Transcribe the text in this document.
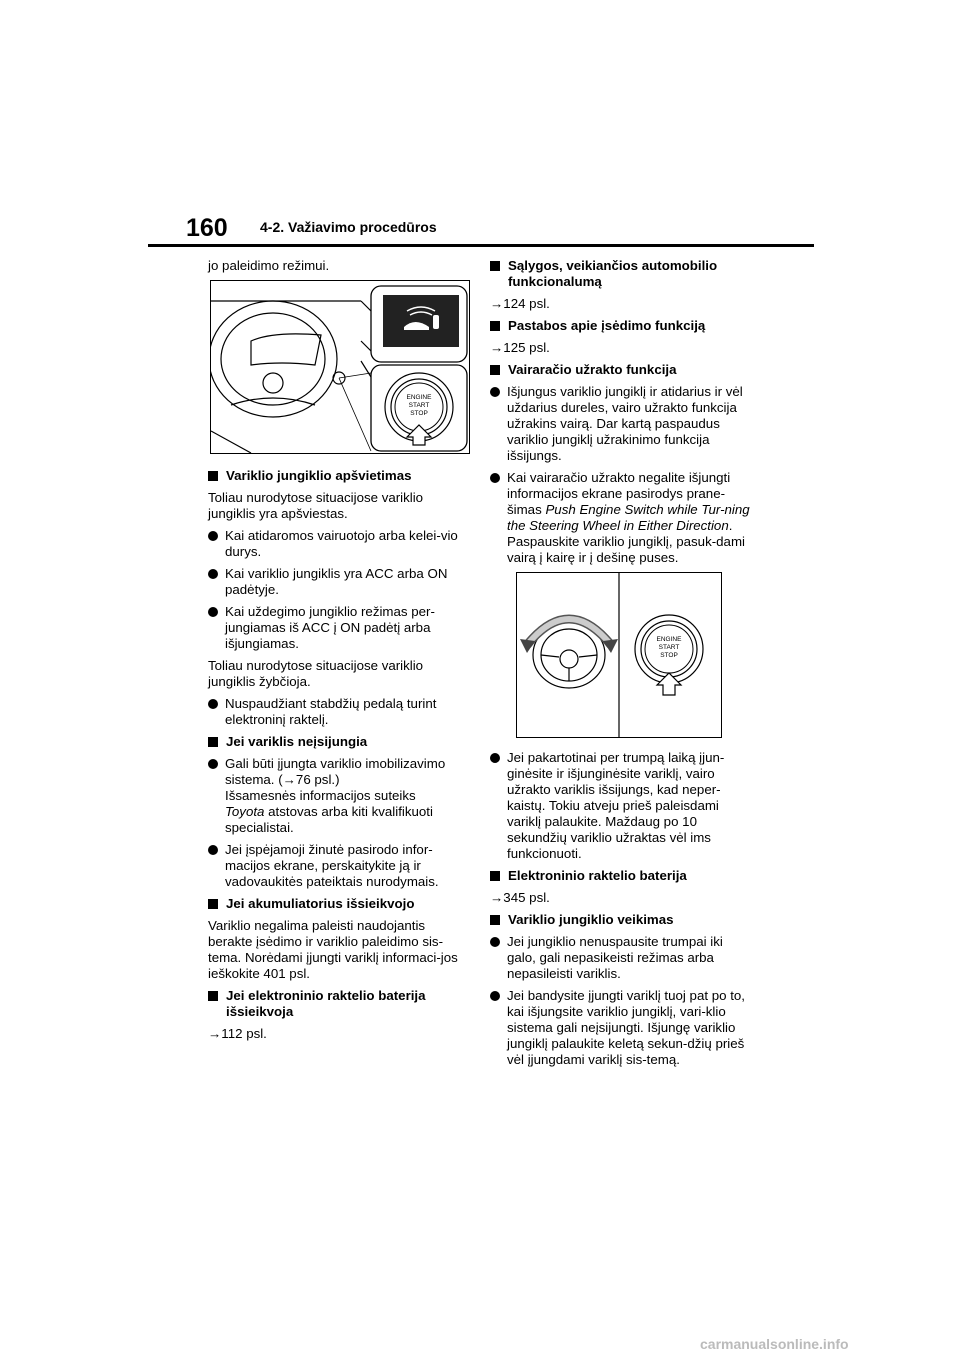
160 4-2. Važiavimo procedūros

jo paleidimo režimui.

ENGINE
START
STOP
Variklio jungiklio apšvietimas

Toliau nurodytose situacijose variklio jungiklis yra apšviestas.

Kai atidaromos vairuotojo arba kelei-vio durys.
Kai variklio jungiklis yra ACC arba ON padėtyje.
Kai uždegimo jungiklio režimas per-jungiamas iš ACC į ON padėtį arba išjungiamas.

Toliau nurodytose situacijose variklio jungiklis žybčioja.

Nuspaudžiant stabdžių pedalą turint elektroninį raktelį.
Jei variklis neįsijungia
Gali būti įjungta variklio imobilizavimo sistema. (→76 psl.)
Išsamesnės informacijos suteiks
Toyota atstovas arba kiti kvalifikuoti specialistai.
Jei įspėjamoji žinutė pasirodo infor-macijos ekrane, perskaitykite ją ir vadovaukitės pateiktais nurodymais.
Jei akumuliatorius išsieikvojo

Variklio negalima paleisti naudojantis berakte įsėdimo ir variklio paleidimo sis-tema. Norėdami įjungti variklį informaci-jos ieškokite 401 psl.

Jei elektroninio raktelio baterija išsieikvoja

→112 psl.

Sąlygos, veikiančios automobilio funkcionalumą

→124 psl.

Pastabos apie įsėdimo funkciją

→125 psl.

Vairaračio užrakto funkcija
Išjungus variklio jungiklį ir atidarius ir vėl uždarius dureles, vairo užrakto funkcija užrakins vairą. Dar kartą paspaudus variklio jungiklį užrakinimo funkcija išsijungs.
Kai vairaračio užrakto negalite išjungti informacijos ekrane pasirodys prane-šimas Push Engine Switch while Tur-ning the Steering Wheel in Either Direction.
Paspauskite variklio jungiklį, pasuk-dami vairą į kairę ir į dešinę puses.
ENGINE
START
STOP
Jei pakartotinai per trumpą laiką įjun-ginėsite ir išjunginėsite variklį, vairo užrakto variklis išsijungs, kad neper-kaistų. Tokiu atveju prieš paleisdami variklį palaukite. Maždaug po 10 sekundžių variklio užraktas vėl ims funkcionuoti.
Elektroninio raktelio baterija

→345 psl.

Variklio jungiklio veikimas
Jei jungiklio nenuspausite trumpai iki galo, gali nepasikeisti režimas arba nepasileisti variklis.
Jei bandysite įjungti variklį tuoj pat po to, kai išjungsite variklio jungiklį, vari-klio sistema gali neįsijungti. Išjungę variklio jungiklį palaukite keletą sekun-džių prieš vėl įjungdami variklį sis-temą.
carmanualsonline.info
